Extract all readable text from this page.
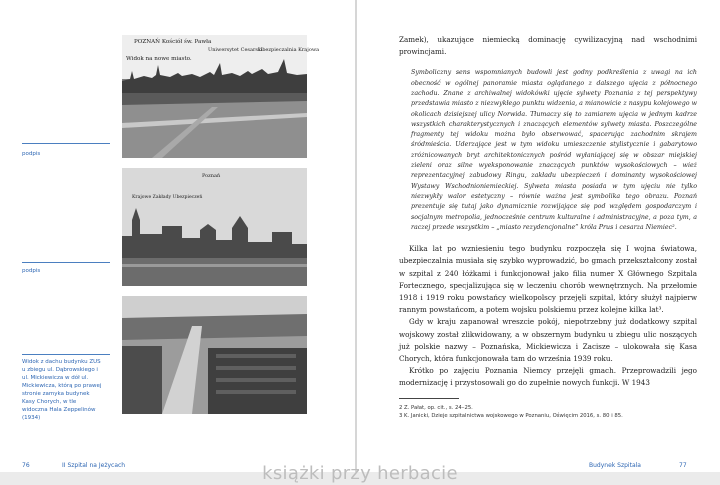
podpis
podpis
Widok z dachu budynku ZUS u zbiegu ul. Dąbrowskiego i ul. Mickiewicza w dół ul. Mickiewicza, którą po prawej stronie zamyka budynek Kasy Chorych, w tle widoczna Hala Zeppelinów (1934)
POZNAŃ Kościół św. Pawła
Uniwersytet Cesarski
Ubezpieczalnia Krajowa
Widok na nowe miasto.
Poznań
Krajowe Zakłady Ubezpieczeń
76	II Szpital na Jeżycach

Zamek), ukazujące niemiecką dominację cywilizacyjną nad wschodnimi prowincjami.

Symboliczny sens wspomnianych budowli jest godny podkreślenia z uwagi na ich obecność w ogólnej panoramie miasta oglądanego z dalszego ujęcia z północnego zachodu. Znane z archiwalnej widokówki ujęcie sylwety Poznania z tej perspektywy przedstawia miasto z niezwykłego punktu widzenia, a mianowicie z nasypu kolejowego w okolicach dzisiejszej ulicy Norwida. Tłumaczy się to zamiarem ujęcia w jednym kadrze wszystkich charakterystycznych i znaczących elementów sylwety miasta. Poszczególne fragmenty tej widoku można było obserwować, spacerując zachodnim skrajem śródmieścia. Uderzające jest w tym widoku umieszczenie stylistycznie i gabarytowo zróżnicowanych bryt architektonicznych pośród wyłaniającej się w obszar miejskiej zieleni oraz silne wyeksponowanie znaczących punktów wysokościowych – wież reprezentacyjnej zabudowy Ringu, zakładu ubezpieczeń i dominanty wysokościowej Wystawy Wschodnioniemieckiej. Sylweta miasta posiada w tym ujęciu nie tylko niezwykły walor estetyczny – równie ważna jest symbolika tego obrazu. Poznań prezentuje się tutaj jako dynamicznie rozwijające się pod względem gospodarczym i socjalnym metropolia, jednocześnie centrum kulturalne i administracyjne, a poza tym, a raczej przede wszystkim – „miasto rezydencjonalne” króla Prus i cesarza Niemiec².

Kilka lat po wzniesieniu tego budynku rozpoczęła się I wojna światowa, ubezpieczalnia musiała się szybko wyprowadzić, bo gmach przekształcony został w szpital z 240 łóżkami i funkcjonował jako filia numer X Głównego Szpitala Fortecznego, specjalizująca się w leczeniu chorób wewnętrznych. Na przełomie 1918 i 1919 roku powstańcy wielkopolscy przejęli szpital, który służył najpierw rannym powstańcom, a potem wojsku polskiemu przez kolejne kilka lat³.

Gdy w kraju zapanował wreszcie pokój, niepotrzebny już dodatkowy szpital wojskowy został zlikwidowany, a w obszernym budynku u zbiegu ulic noszących już polskie nazwy – Poznańska, Mickiewicza i Zacisze – ulokowała się Kasa Chorych, która funkcjonowała tam do września 1939 roku.

Krótko po zajęciu Poznania Niemcy przejęli gmach. Przeprowadzili jego modernizację i przystosowali go do zupełnie nowych funkcji. W 1943

2 Z. Pałat, op. cit., s. 24–25.

3 K. Janicki, Dzieje szpitalnictwa wojskowego w Poznaniu, Oświęcim 2016, s. 80 i 85.

Budynek Szpitala	77
książki przy herbacie
